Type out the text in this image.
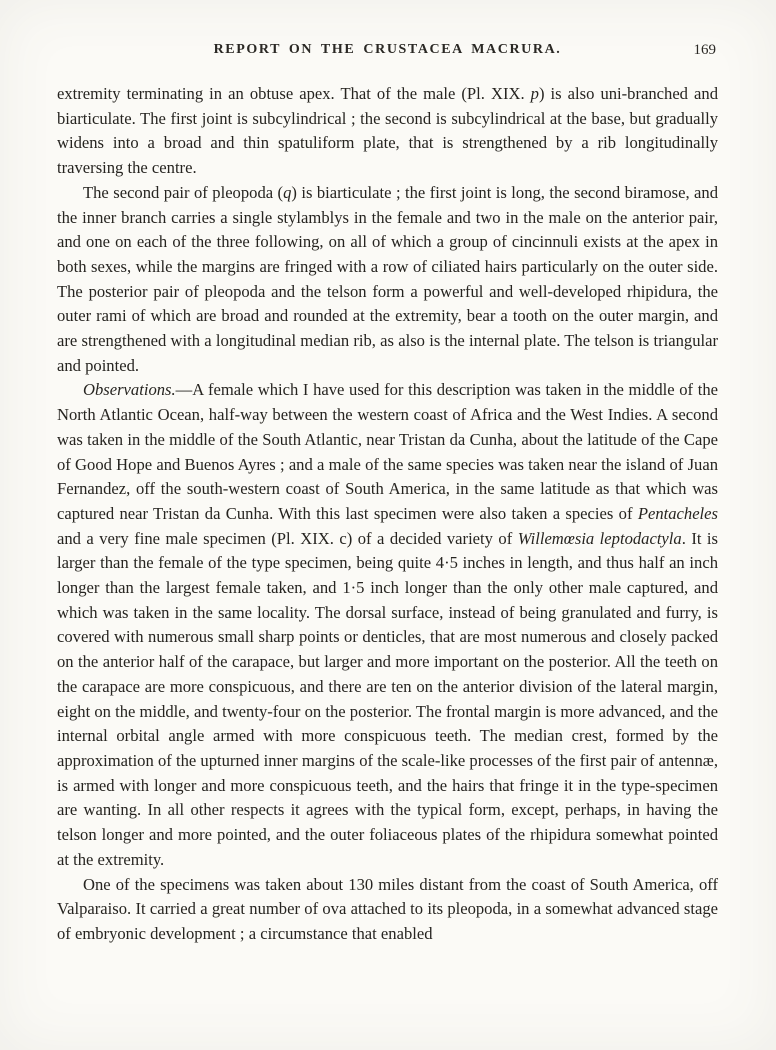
REPORT ON THE CRUSTACEA MACRURA.	169

extremity terminating in an obtuse apex. That of the male (Pl. XIX. p) is also uni-branched and biarticulate. The first joint is subcylindrical ; the second is subcylindrical at the base, but gradually widens into a broad and thin spatuliform plate, that is strengthened by a rib longitudinally traversing the centre.

The second pair of pleopoda (q) is biarticulate ; the first joint is long, the second biramose, and the inner branch carries a single stylamblys in the female and two in the male on the anterior pair, and one on each of the three following, on all of which a group of cincinnuli exists at the apex in both sexes, while the margins are fringed with a row of ciliated hairs particularly on the outer side. The posterior pair of pleopoda and the telson form a powerful and well-developed rhipidura, the outer rami of which are broad and rounded at the extremity, bear a tooth on the outer margin, and are strengthened with a longitudinal median rib, as also is the internal plate. The telson is triangular and pointed.

Observations.—A female which I have used for this description was taken in the middle of the North Atlantic Ocean, half-way between the western coast of Africa and the West Indies. A second was taken in the middle of the South Atlantic, near Tristan da Cunha, about the latitude of the Cape of Good Hope and Buenos Ayres ; and a male of the same species was taken near the island of Juan Fernandez, off the south-western coast of South America, in the same latitude as that which was captured near Tristan da Cunha. With this last specimen were also taken a species of Pentacheles and a very fine male specimen (Pl. XIX. c) of a decided variety of Willemœsia leptodactyla. It is larger than the female of the type specimen, being quite 4·5 inches in length, and thus half an inch longer than the largest female taken, and 1·5 inch longer than the only other male captured, and which was taken in the same locality. The dorsal surface, instead of being granulated and furry, is covered with numerous small sharp points or denticles, that are most numerous and closely packed on the anterior half of the carapace, but larger and more important on the posterior. All the teeth on the carapace are more conspicuous, and there are ten on the anterior division of the lateral margin, eight on the middle, and twenty-four on the posterior. The frontal margin is more advanced, and the internal orbital angle armed with more conspicuous teeth. The median crest, formed by the approximation of the upturned inner margins of the scale-like processes of the first pair of antennæ, is armed with longer and more conspicuous teeth, and the hairs that fringe it in the type-specimen are wanting. In all other respects it agrees with the typical form, except, perhaps, in having the telson longer and more pointed, and the outer foliaceous plates of the rhipidura somewhat pointed at the extremity.

One of the specimens was taken about 130 miles distant from the coast of South America, off Valparaiso. It carried a great number of ova attached to its pleopoda, in a somewhat advanced stage of embryonic development ; a circumstance that enabled
